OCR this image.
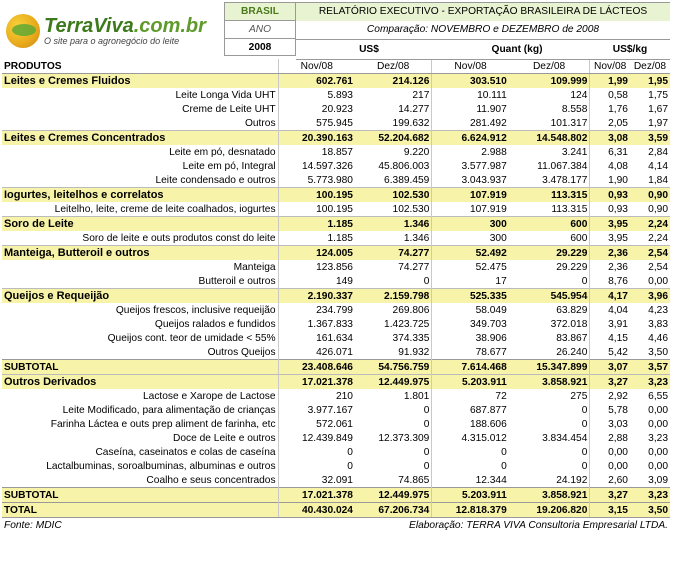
TerraViva.com.br
O site para o agronegócio do leite
BRASIL
ANO
2008
RELATÓRIO EXECUTIVO - EXPORTAÇÃO BRASILEIRA DE LÁCTEOS
Comparação: NOVEMBRO e DEZEMBRO de 2008
US$	Quant (kg)	US$/kg
PRODUTOS	Nov/08	Dez/08	Nov/08	Dez/08	Nov/08	Dez/08
Leites e Cremes Fluidos	602.761	214.126	303.510	109.999	1,99	1,95
Leite Longa Vida UHT	5.893	217	10.111	124	0,58	1,75
Creme de Leite UHT	20.923	14.277	11.907	8.558	1,76	1,67
Outros	575.945	199.632	281.492	101.317	2,05	1,97
Leites e Cremes Concentrados	20.390.163	52.204.682	6.624.912	14.548.802	3,08	3,59
Leite em pó, desnatado	18.857	9.220	2.988	3.241	6,31	2,84
Leite em pó, Integral	14.597.326	45.806.003	3.577.987	11.067.384	4,08	4,14
Leite condensado e outros	5.773.980	6.389.459	3.043.937	3.478.177	1,90	1,84
Iogurtes, leitelhos e correlatos	100.195	102.530	107.919	113.315	0,93	0,90
Leitelho, leite, creme de leite coalhados, iogurtes	100.195	102.530	107.919	113.315	0,93	0,90
Soro de Leite	1.185	1.346	300	600	3,95	2,24
Soro de leite e outs produtos const do leite	1.185	1.346	300	600	3,95	2,24
Manteiga, Butteroil e outros	124.005	74.277	52.492	29.229	2,36	2,54
Manteiga	123.856	74.277	52.475	29.229	2,36	2,54
Butteroil e outros	149	0	17	0	8,76	0,00
Queijos e Requeijão	2.190.337	2.159.798	525.335	545.954	4,17	3,96
Queijos frescos, inclusive requeijão	234.799	269.806	58.049	63.829	4,04	4,23
Queijos ralados e fundidos	1.367.833	1.423.725	349.703	372.018	3,91	3,83
Queijos cont. teor de umidade < 55%	161.634	374.335	38.906	83.867	4,15	4,46
Outros Queijos	426.071	91.932	78.677	26.240	5,42	3,50
SUBTOTAL	23.408.646	54.756.759	7.614.468	15.347.899	3,07	3,57
Outros Derivados	17.021.378	12.449.975	5.203.911	3.858.921	3,27	3,23
Lactose e Xarope de Lactose	210	1.801	72	275	2,92	6,55
Leite Modificado, para alimentação de crianças	3.977.167	0	687.877	0	5,78	0,00
Farinha Láctea e outs prep aliment de farinha, etc	572.061	0	188.606	0	3,03	0,00
Doce de Leite e outros	12.439.849	12.373.309	4.315.012	3.834.454	2,88	3,23
Caseína, caseinatos e colas de caseína	0	0	0	0	0,00	0,00
Lactalbuminas, soroalbuminas, albuminas e outros	0	0	0	0	0,00	0,00
Coalho e seus concentrados	32.091	74.865	12.344	24.192	2,60	3,09
SUBTOTAL	17.021.378	12.449.975	5.203.911	3.858.921	3,27	3,23
TOTAL	40.430.024	67.206.734	12.818.379	19.206.820	3,15	3,50
Fonte: MDIC	Elaboração: TERRA VIVA Consultoria Empresarial LTDA.
